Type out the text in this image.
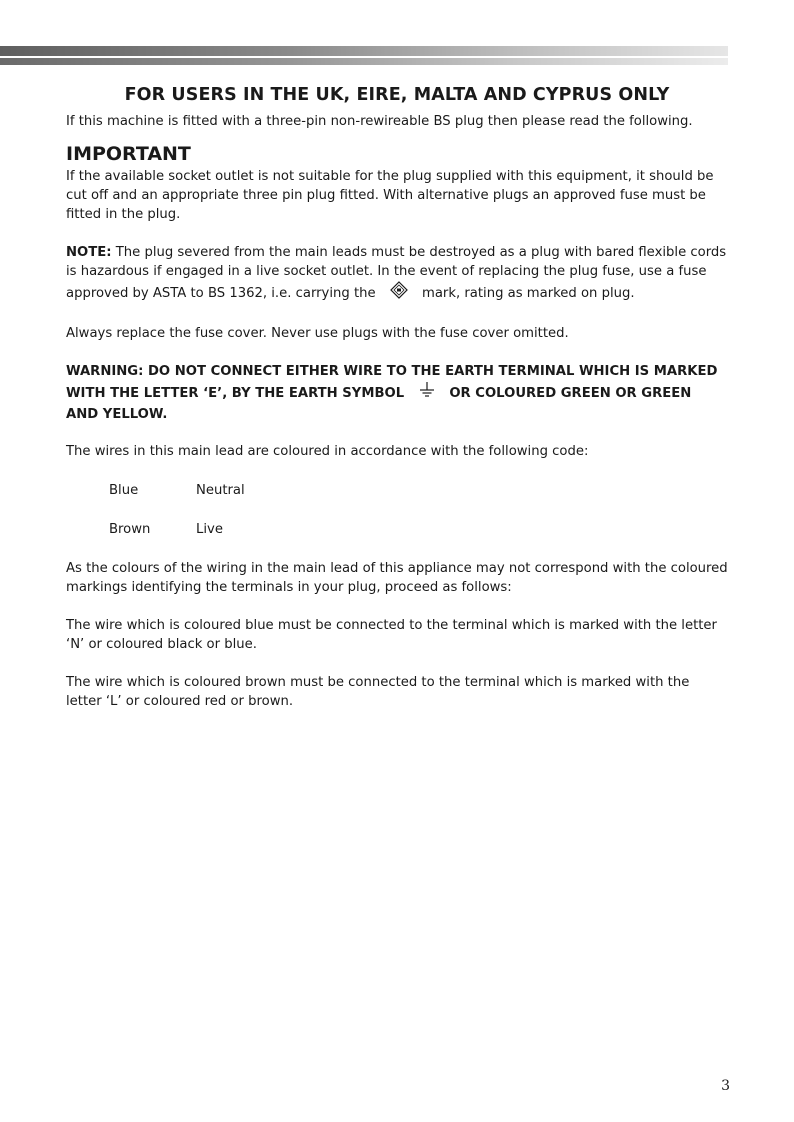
FOR USERS IN THE UK, EIRE, MALTA AND CYPRUS ONLY

If this machine is fitted with a three-pin non-rewireable BS plug then please read the following.

IMPORTANT

If the available socket outlet is not suitable for the plug supplied with this equipment, it should be cut off and an appropriate three pin plug fitted. With alternative plugs an approved fuse must be fitted in the plug.

NOTE: The plug severed from the main leads must be destroyed as a plug with bared flexible cords is hazardous if engaged in a live socket outlet. In the event of replacing the plug fuse, use a fuse approved by ASTA to BS 1362, i.e. carrying the	mark, rating as marked on plug.

Always replace the fuse cover. Never use plugs with the fuse cover omitted.

WARNING: DO NOT CONNECT EITHER WIRE TO THE EARTH TERMINAL WHICH IS MARKED WITH THE LETTER ‘E’, BY THE EARTH SYMBOL	OR COLOURED GREEN OR GREEN AND YELLOW.

The wires in this main lead are coloured in accordance with the following code:

Blue	Neutral
Brown	Live

As the colours of the wiring in the main lead of this appliance may not correspond with the coloured markings identifying the terminals in your plug, proceed as follows:

The wire which is coloured blue must be connected to the terminal which is marked with the letter ‘N’ or coloured black or blue.

The wire which is coloured brown must be connected to the terminal which is marked with the letter ‘L’ or coloured red or brown.

3
